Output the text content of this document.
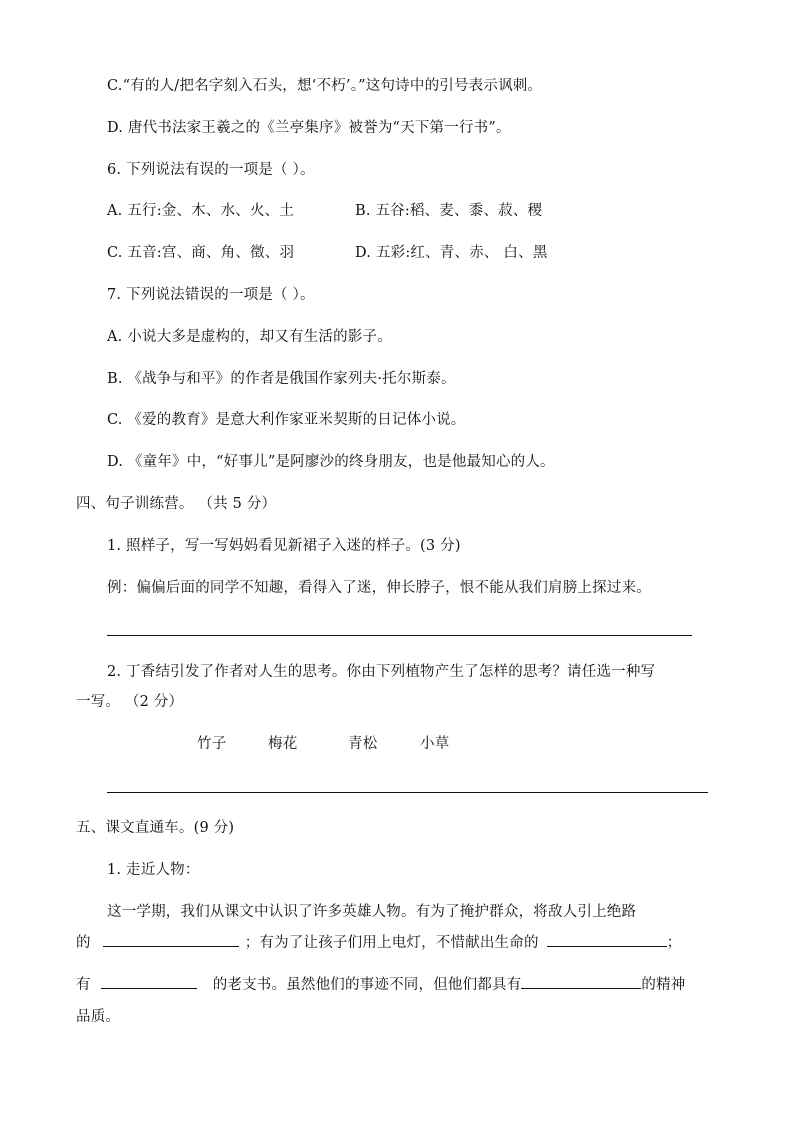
C.“有的人/把名字刻入石头，想‘不朽’。”这句诗中的引号表示讽刺。
D. 唐代书法家王羲之的《兰亭集序》被誉为“天下第一行书”。
6. 下列说法有误的一项是（ ）。
A. 五行:金、木、水、火、土	B. 五谷:稻、麦、黍、菽、稷
C. 五音:宫、商、角、徵、羽	D. 五彩:红、青、赤、 白、黑
7. 下列说法错误的一项是（ ）。
A. 小说大多是虚构的，却又有生活的影子。
B. 《战争与和平》的作者是俄国作家列夫·托尔斯泰。
C. 《爱的教育》是意大利作家亚米契斯的日记体小说。
D. 《童年》中，“好事儿”是阿廖沙的终身朋友，也是他最知心的人。
四、句子训练营。 （共 5 分）
1. 照样子，写一写妈妈看见新裙子入迷的样子。(3 分)
例：偏偏后面的同学不知趣，看得入了迷，伸长脖子，恨不能从我们肩膀上探过来。
2. 丁香结引发了作者对人生的思考。你由下列植物产生了怎样的思考？请任选一种写
一写。 （2 分）
竹子	梅花	青松	小草
五、课文直通车。(9 分)
1. 走近人物：
这一学期，我们从课文中认识了许多英雄人物。有为了掩护群众，将敌人引上绝路
的	；有为了让孩子们用上电灯，不惜献出生命的	；
有	的老支书。虽然他们的事迹不同，但他们都具有	的精神
品质。
